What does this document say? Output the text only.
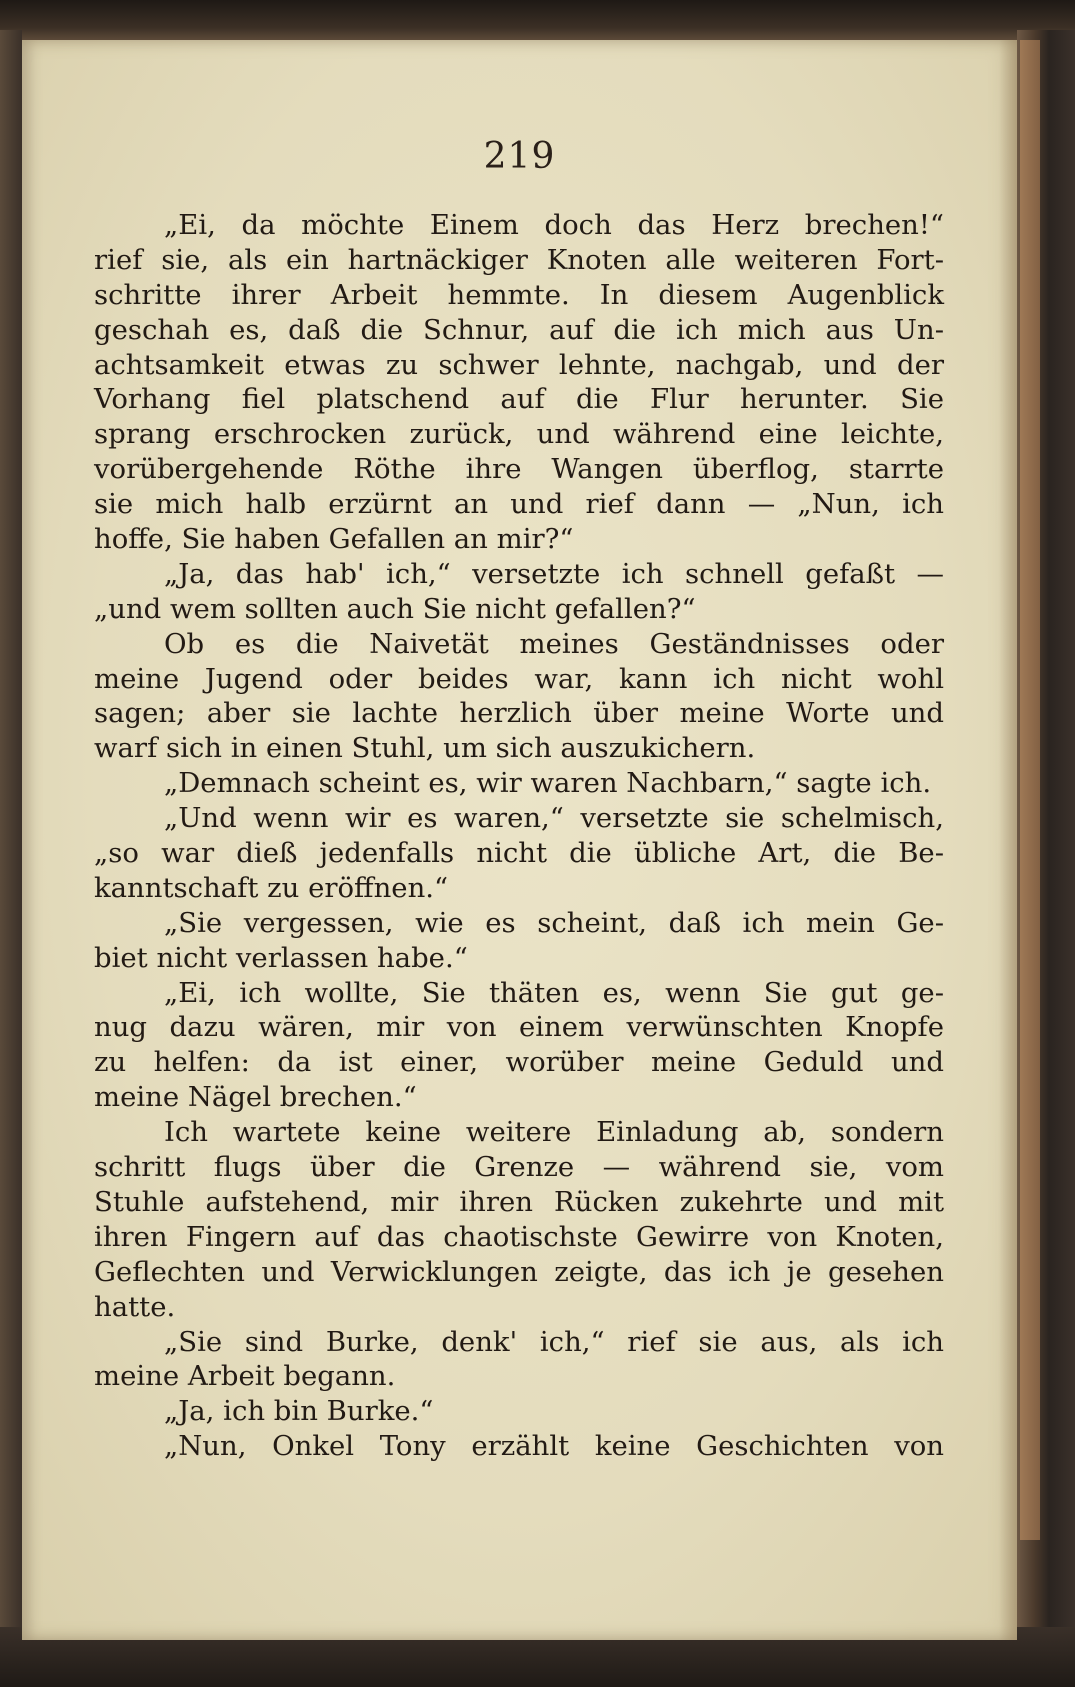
219
„Ei, da möchte Einem doch das Herz brechen!“
rief sie, als ein hartnäckiger Knoten alle weiteren Fort-
schritte ihrer Arbeit hemmte. In diesem Augenblick
geschah es, daß die Schnur, auf die ich mich aus Un-
achtsamkeit etwas zu schwer lehnte, nachgab, und der
Vorhang fiel platschend auf die Flur herunter. Sie
sprang erschrocken zurück, und während eine leichte,
vorübergehende Röthe ihre Wangen überflog, starrte
sie mich halb erzürnt an und rief dann — „Nun, ich
hoffe, Sie haben Gefallen an mir?“
„Ja, das hab' ich,“ versetzte ich schnell gefaßt —
„und wem sollten auch Sie nicht gefallen?“
Ob es die Naivetät meines Geständnisses oder
meine Jugend oder beides war, kann ich nicht wohl
sagen; aber sie lachte herzlich über meine Worte und
warf sich in einen Stuhl, um sich auszukichern.
„Demnach scheint es, wir waren Nachbarn,“ sagte ich.
„Und wenn wir es waren,“ versetzte sie schelmisch,
„so war dieß jedenfalls nicht die übliche Art, die Be-
kanntschaft zu eröffnen.“
„Sie vergessen, wie es scheint, daß ich mein Ge-
biet nicht verlassen habe.“
„Ei, ich wollte, Sie thäten es, wenn Sie gut ge-
nug dazu wären, mir von einem verwünschten Knopfe
zu helfen: da ist einer, worüber meine Geduld und
meine Nägel brechen.“
Ich wartete keine weitere Einladung ab, sondern
schritt flugs über die Grenze — während sie, vom
Stuhle aufstehend, mir ihren Rücken zukehrte und mit
ihren Fingern auf das chaotischste Gewirre von Knoten,
Geflechten und Verwicklungen zeigte, das ich je gesehen
hatte.
„Sie sind Burke, denk' ich,“ rief sie aus, als ich
meine Arbeit begann.
„Ja, ich bin Burke.“
„Nun, Onkel Tony erzählt keine Geschichten von
